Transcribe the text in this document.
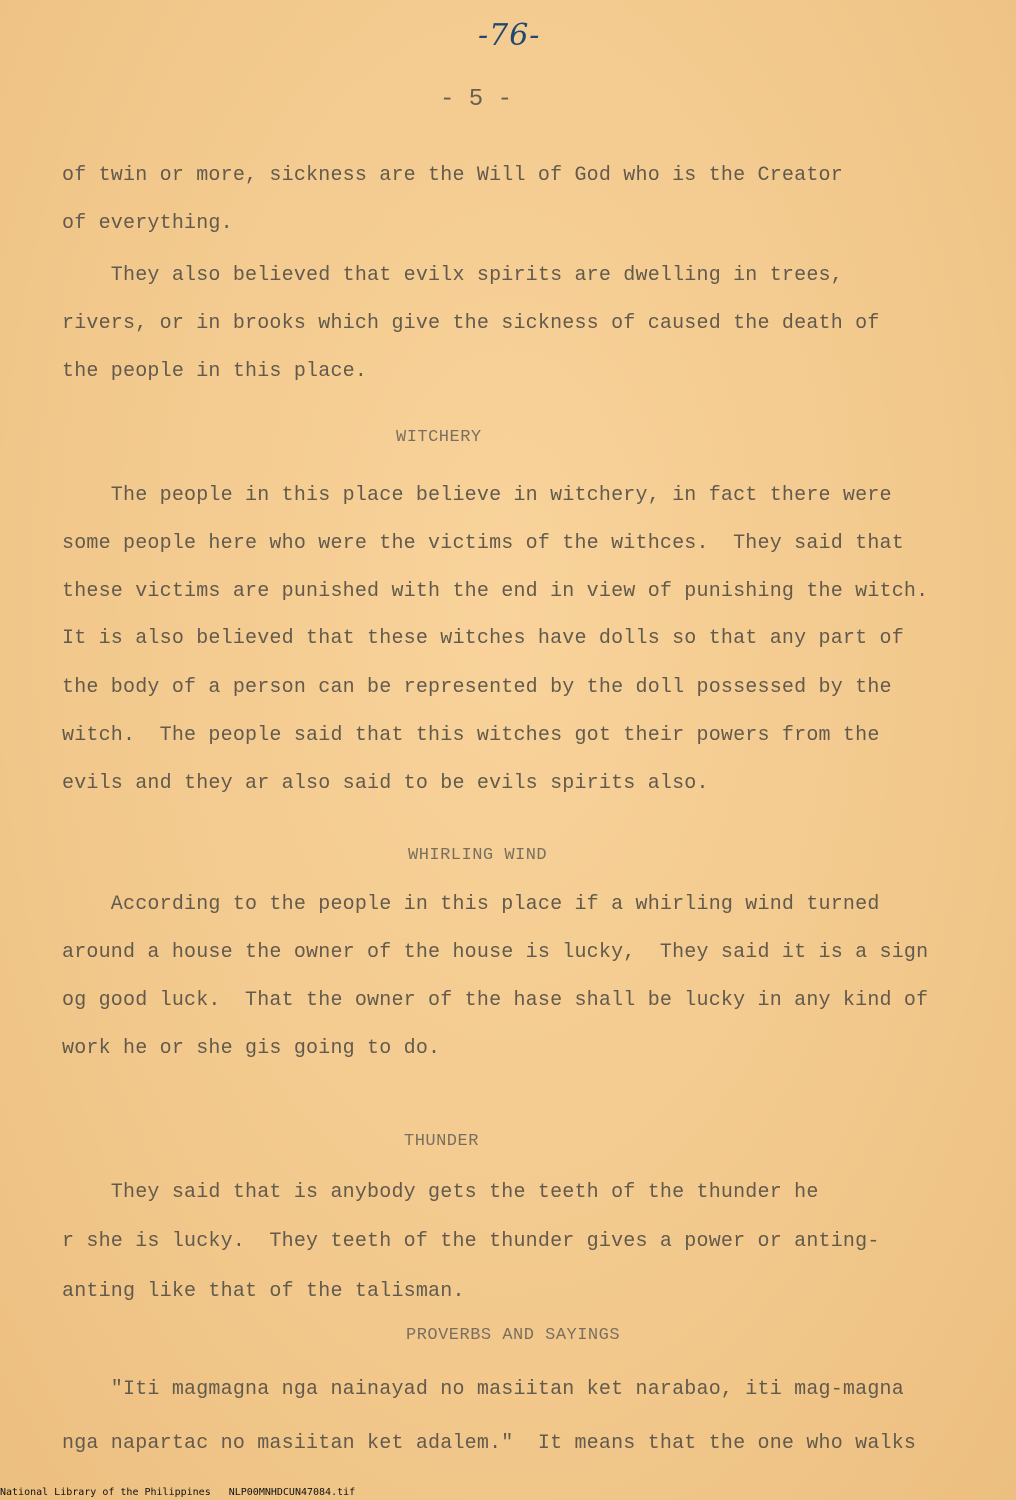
-76-
- 5 -
of twin or more, sickness are the Will of God who is the Creator
of everything.
They also believed that evilx spirits are dwelling in trees,
rivers, or in brooks which give the sickness of caused the death of
the people in this place.
WITCHERY
The people in this place believe in witchery, in fact there were
some people here who were the victims of the withces.  They said that
these victims are punished with the end in view of punishing the witch.
It is also believed that these witches have dolls so that any part of
the body of a person can be represented by the doll possessed by the
witch.  The people said that this witches got their powers from the
evils and they ar also said to be evils spirits also.
WHIRLING WIND
According to the people in this place if a whirling wind turned
around a house the owner of the house is lucky,  They said it is a sign
og good luck.  That the owner of the hase shall be lucky in any kind of
work he or she gis going to do.
THUNDER
They said that is anybody gets the teeth of the thunder he
r she is lucky.  They teeth of the thunder gives a power or anting-
anting like that of the talisman.
PROVERBS AND SAYINGS
"Iti magmagna nga nainayad no masiitan ket narabao, iti mag-magna
nga napartac no masiitan ket adalem."  It means that the one who walks
National Library of the Philippines NLP00MNHDCUN47084.tif
